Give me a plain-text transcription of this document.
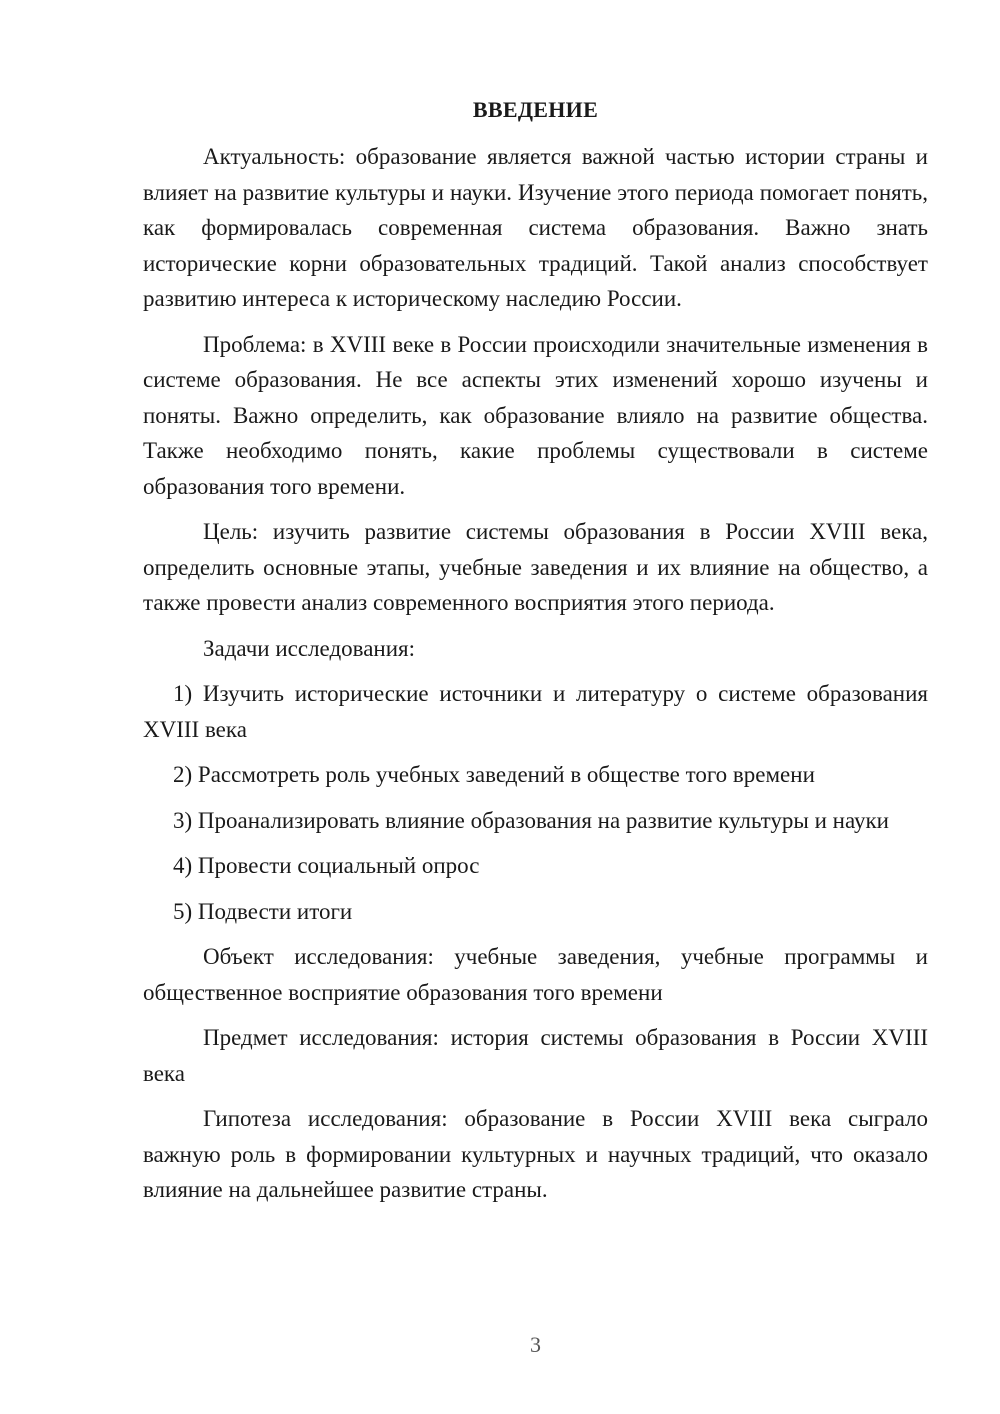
ВВЕДЕНИЕ

Актуальность: образование является важной частью истории страны и влияет на развитие культуры и науки. Изучение этого периода помогает понять, как формировалась современная система образования. Важно знать исторические корни образовательных традиций. Такой анализ способствует развитию интереса к историческому наследию России.

Проблема: в XVIII веке в России происходили значительные изменения в системе образования. Не все аспекты этих изменений хорошо изучены и поняты. Важно определить, как образование влияло на развитие общества. Также необходимо понять, какие проблемы существовали в системе образования того времени.

Цель: изучить развитие системы образования в России XVIII века, определить основные этапы, учебные заведения и их влияние на общество, а также провести анализ современного восприятия этого периода.

Задачи исследования:

1) Изучить исторические источники и литературу о системе образования XVIII века

2) Рассмотреть роль учебных заведений в обществе того времени

3) Проанализировать влияние образования на развитие культуры и науки

4) Провести социальный опрос

5) Подвести итоги

Объект исследования: учебные заведения, учебные программы и общественное восприятие образования того времени

Предмет исследования: история системы образования в России XVIII века

Гипотеза исследования: образование в России XVIII века сыграло важную роль в формировании культурных и научных традиций, что оказало влияние на дальнейшее развитие страны.

3
